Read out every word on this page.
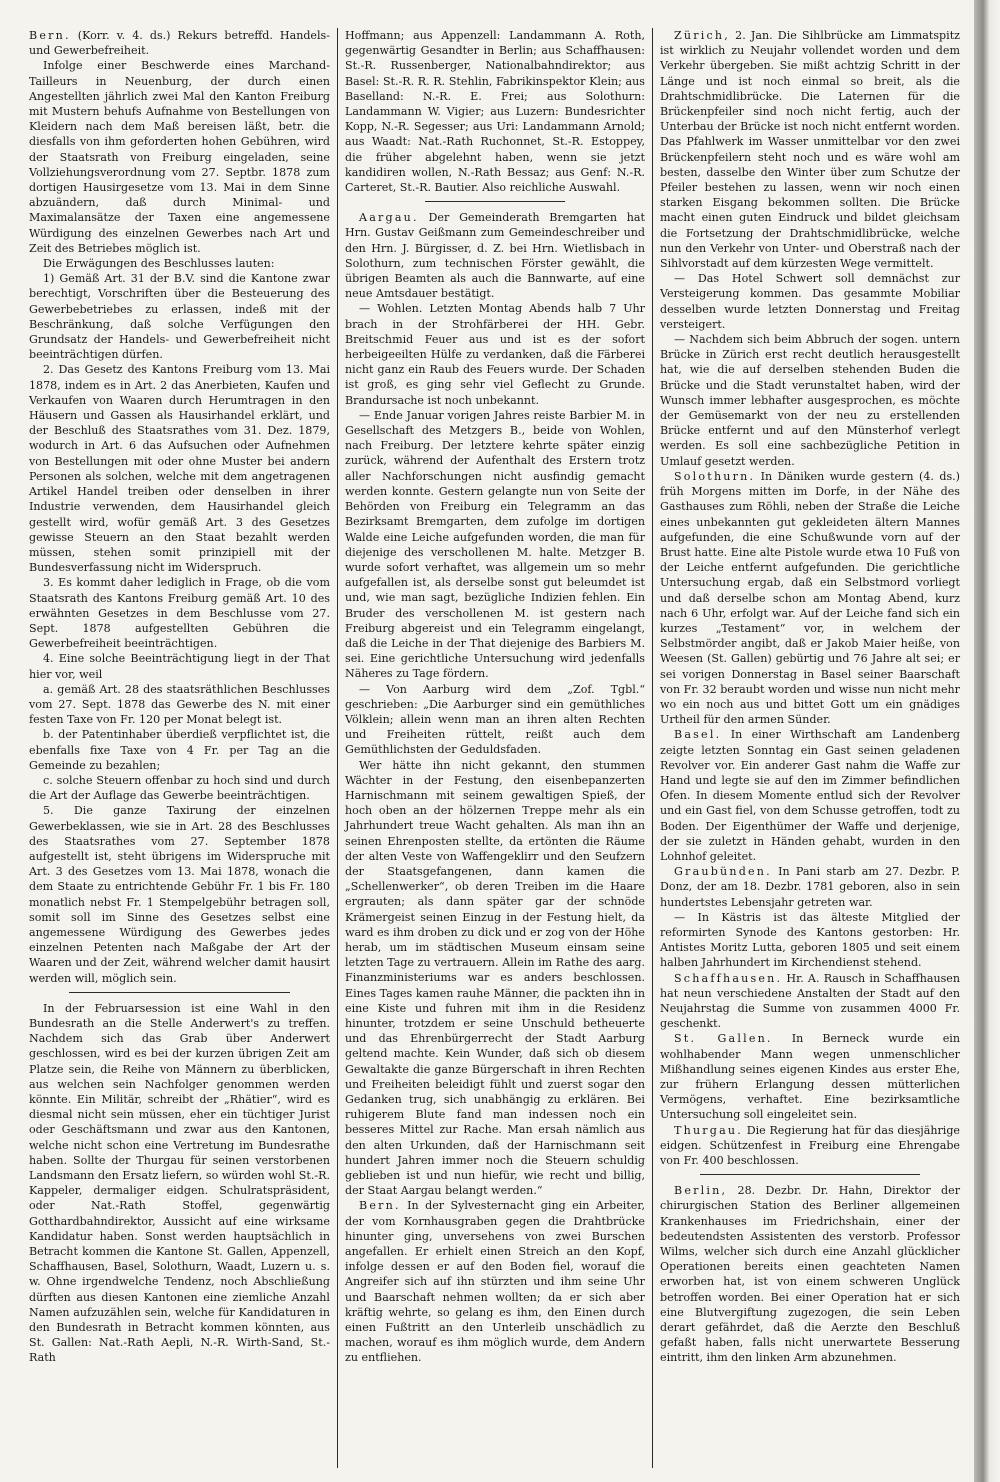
Bern. (Korr. v. 4. ds.) Rekurs betreffd. Handels- und Gewerbefreiheit.

Infolge einer Beschwerde eines Marchand-Tailleurs in Neuenburg, der durch einen Angestellten jährlich zwei Mal den Kanton Freiburg mit Mustern behufs Aufnahme von Bestellungen von Kleidern nach dem Maß bereisen läßt, betr. die diesfalls von ihm geforderten hohen Gebühren, wird der Staatsrath von Freiburg eingeladen, seine Vollziehungsverordnung vom 27. Septbr. 1878 zum dortigen Hausirgesetze vom 13. Mai in dem Sinne abzuändern, daß durch Minimal- und Maximalansätze der Taxen eine angemessene Würdigung des einzelnen Gewerbes nach Art und Zeit des Betriebes möglich ist.

Die Erwägungen des Beschlusses lauten:

1) Gemäß Art. 31 der B.V. sind die Kantone zwar berechtigt, Vorschriften über die Besteuerung des Gewerbebetriebes zu erlassen, indeß mit der Beschränkung, daß solche Verfügungen den Grundsatz der Handels- und Gewerbefreiheit nicht beeinträchtigen dürfen.

2. Das Gesetz des Kantons Freiburg vom 13. Mai 1878, indem es in Art. 2 das Anerbieten, Kaufen und Verkaufen von Waaren durch Herumtragen in den Häusern und Gassen als Hausirhandel erklärt, und der Beschluß des Staatsrathes vom 31. Dez. 1879, wodurch in Art. 6 das Aufsuchen oder Aufnehmen von Bestellungen mit oder ohne Muster bei andern Personen als solchen, welche mit dem angetragenen Artikel Handel treiben oder denselben in ihrer Industrie verwenden, dem Hausirhandel gleich gestellt wird, wofür gemäß Art. 3 des Gesetzes gewisse Steuern an den Staat bezahlt werden müssen, stehen somit prinzipiell mit der Bundesverfassung nicht im Widerspruch.

3. Es kommt daher lediglich in Frage, ob die vom Staatsrath des Kantons Freiburg gemäß Art. 10 des erwähnten Gesetzes in dem Beschlusse vom 27. Sept. 1878 aufgestellten Gebühren die Gewerbefreiheit beeinträchtigen.

4. Eine solche Beeinträchtigung liegt in der That hier vor, weil

a. gemäß Art. 28 des staatsräthlichen Beschlusses vom 27. Sept. 1878 das Gewerbe des N. mit einer festen Taxe von Fr. 120 per Monat belegt ist.

b. der Patentinhaber überdieß verpflichtet ist, die ebenfalls fixe Taxe von 4 Fr. per Tag an die Gemeinde zu bezahlen;

c. solche Steuern offenbar zu hoch sind und durch die Art der Auflage das Gewerbe beeinträchtigen.

5. Die ganze Taxirung der einzelnen Gewerbeklassen, wie sie in Art. 28 des Beschlusses des Staatsrathes vom 27. September 1878 aufgestellt ist, steht übrigens im Widerspruche mit Art. 3 des Gesetzes vom 13. Mai 1878, wonach die dem Staate zu entrichtende Gebühr Fr. 1 bis Fr. 180 monatlich nebst Fr. 1 Stempelgebühr betragen soll, somit soll im Sinne des Gesetzes selbst eine angemessene Würdigung des Gewerbes jedes einzelnen Petenten nach Maßgabe der Art der Waaren und der Zeit, während welcher damit hausirt werden will, möglich sein.

In der Februarsession ist eine Wahl in den Bundesrath an die Stelle Anderwert's zu treffen. Nachdem sich das Grab über Anderwert geschlossen, wird es bei der kurzen übrigen Zeit am Platze sein, die Reihe von Männern zu überblicken, aus welchen sein Nachfolger genommen werden könnte. Ein Militär, schreibt der „Rhätier“, wird es diesmal nicht sein müssen, eher ein tüchtiger Jurist oder Geschäftsmann und zwar aus den Kantonen, welche nicht schon eine Vertretung im Bundesrathe haben. Sollte der Thurgau für seinen verstorbenen Landsmann den Ersatz liefern, so würden wohl St.-R. Kappeler, dermaliger eidgen. Schulratspräsident, oder Nat.-Rath Stoffel, gegenwärtig Gotthardbahndirektor, Aussicht auf eine wirksame Kandidatur haben. Sonst werden hauptsächlich in Betracht kommen die Kantone St. Gallen, Appenzell, Schaffhausen, Basel, Solothurn, Waadt, Luzern u. s. w. Ohne irgendwelche Tendenz, noch Abschließung dürften aus diesen Kantonen eine ziemliche Anzahl Namen aufzuzählen sein, welche für Kandidaturen in den Bundesrath in Betracht kommen könnten, aus St. Gallen: Nat.-Rath Aepli, N.-R. Wirth-Sand, St.-Rath

Hoffmann; aus Appenzell: Landammann A. Roth, gegenwärtig Gesandter in Berlin; aus Schaffhausen: St.-R. Russenberger, Nationalbahndirektor; aus Basel: St.-R. R. R. Stehlin, Fabrikinspektor Klein; aus Baselland: N.-R. E. Frei; aus Solothurn: Landammann W. Vigier; aus Luzern: Bundesrichter Kopp, N.-R. Segesser; aus Uri: Landammann Arnold; aus Waadt: Nat.-Rath Ruchonnet, St.-R. Estoppey, die früher abgelehnt haben, wenn sie jetzt kandidiren wollen, N.-Rath Bessaz; aus Genf: N.-R. Carteret, St.-R. Bautier. Also reichliche Auswahl.

Aargau. Der Gemeinderath Bremgarten hat Hrn. Gustav Geißmann zum Gemeindeschreiber und den Hrn. J. Bürgisser, d. Z. bei Hrn. Wietlisbach in Solothurn, zum technischen Förster gewählt, die übrigen Beamten als auch die Bannwarte, auf eine neue Amtsdauer bestätigt.

— Wohlen. Letzten Montag Abends halb 7 Uhr brach in der Strohfärberei der HH. Gebr. Breitschmid Feuer aus und ist es der sofort herbeigeeilten Hülfe zu verdanken, daß die Färberei nicht ganz ein Raub des Feuers wurde. Der Schaden ist groß, es ging sehr viel Geflecht zu Grunde. Brandursache ist noch unbekannt.

— Ende Januar vorigen Jahres reiste Barbier M. in Gesellschaft des Metzgers B., beide von Wohlen, nach Freiburg. Der letztere kehrte später einzig zurück, während der Aufenthalt des Erstern trotz aller Nachforschungen nicht ausfindig gemacht werden konnte. Gestern gelangte nun von Seite der Behörden von Freiburg ein Telegramm an das Bezirksamt Bremgarten, dem zufolge im dortigen Walde eine Leiche aufgefunden worden, die man für diejenige des verschollenen M. halte. Metzger B. wurde sofort verhaftet, was allgemein um so mehr aufgefallen ist, als derselbe sonst gut beleumdet ist und, wie man sagt, bezügliche Indizien fehlen. Ein Bruder des verschollenen M. ist gestern nach Freiburg abgereist und ein Telegramm eingelangt, daß die Leiche in der That diejenige des Barbiers M. sei. Eine gerichtliche Untersuchung wird jedenfalls Näheres zu Tage fördern.

— Von Aarburg wird dem „Zof. Tgbl.“ geschrieben: „Die Aarburger sind ein gemüthliches Völklein; allein wenn man an ihren alten Rechten und Freiheiten rüttelt, reißt auch dem Gemüthlichsten der Geduldsfaden.

Wer hätte ihn nicht gekannt, den stummen Wächter in der Festung, den eisenbepanzerten Harnischmann mit seinem gewaltigen Spieß, der hoch oben an der hölzernen Treppe mehr als ein Jahrhundert treue Wacht gehalten. Als man ihn an seinen Ehrenposten stellte, da ertönten die Räume der alten Veste von Waffengeklirr und den Seufzern der Staatsgefangenen, dann kamen die „Schellenwerker“, ob deren Treiben im die Haare ergrauten; als dann später gar der schnöde Krämergeist seinen Einzug in der Festung hielt, da ward es ihm droben zu dick und er zog von der Höhe herab, um im städtischen Museum einsam seine letzten Tage zu vertrauern. Allein im Rathe des aarg. Finanzministeriums war es anders beschlossen. Eines Tages kamen rauhe Männer, die packten ihn in eine Kiste und fuhren mit ihm in die Residenz hinunter, trotzdem er seine Unschuld betheuerte und das Ehrenbürgerrecht der Stadt Aarburg geltend machte. Kein Wunder, daß sich ob diesem Gewaltakte die ganze Bürgerschaft in ihren Rechten und Freiheiten beleidigt fühlt und zuerst sogar den Gedanken trug, sich unabhängig zu erklären. Bei ruhigerem Blute fand man indessen noch ein besseres Mittel zur Rache. Man ersah nämlich aus den alten Urkunden, daß der Harnischmann seit hundert Jahren immer noch die Steuern schuldig geblieben ist und nun hiefür, wie recht und billig, der Staat Aargau belangt werden.“

Bern. In der Sylvesternacht ging ein Arbeiter, der vom Kornhausgraben gegen die Drahtbrücke hinunter ging, unversehens von zwei Burschen angefallen. Er erhielt einen Streich an den Kopf, infolge dessen er auf den Boden fiel, worauf die Angreifer sich auf ihn stürzten und ihm seine Uhr und Baarschaft nehmen wollten; da er sich aber kräftig wehrte, so gelang es ihm, den Einen durch einen Fußtritt an den Unterleib unschädlich zu machen, worauf es ihm möglich wurde, dem Andern zu entfliehen.

Zürich, 2. Jan. Die Sihlbrücke am Limmatspitz ist wirklich zu Neujahr vollendet worden und dem Verkehr übergeben. Sie mißt achtzig Schritt in der Länge und ist noch einmal so breit, als die Drahtschmidlibrücke. Die Laternen für die Brückenpfeiler sind noch nicht fertig, auch der Unterbau der Brücke ist noch nicht entfernt worden. Das Pfahlwerk im Wasser unmittelbar vor den zwei Brückenpfeilern steht noch und es wäre wohl am besten, dasselbe den Winter über zum Schutze der Pfeiler bestehen zu lassen, wenn wir noch einen starken Eisgang bekommen sollten. Die Brücke macht einen guten Eindruck und bildet gleichsam die Fortsetzung der Drahtschmidlibrücke, welche nun den Verkehr von Unter- und Oberstraß nach der Sihlvorstadt auf dem kürzesten Wege vermittelt.

— Das Hotel Schwert soll demnächst zur Versteigerung kommen. Das gesammte Mobiliar desselben wurde letzten Donnerstag und Freitag versteigert.

— Nachdem sich beim Abbruch der sogen. untern Brücke in Zürich erst recht deutlich herausgestellt hat, wie die auf derselben stehenden Buden die Brücke und die Stadt verunstaltet haben, wird der Wunsch immer lebhafter ausgesprochen, es möchte der Gemüsemarkt von der neu zu erstellenden Brücke entfernt und auf den Münsterhof verlegt werden. Es soll eine sachbezügliche Petition in Umlauf gesetzt werden.

Solothurn. In Däniken wurde gestern (4. ds.) früh Morgens mitten im Dorfe, in der Nähe des Gasthauses zum Röhli, neben der Straße die Leiche eines unbekannten gut gekleideten ältern Mannes aufgefunden, die eine Schußwunde vorn auf der Brust hatte. Eine alte Pistole wurde etwa 10 Fuß von der Leiche entfernt aufgefunden. Die gerichtliche Untersuchung ergab, daß ein Selbstmord vorliegt und daß derselbe schon am Montag Abend, kurz nach 6 Uhr, erfolgt war. Auf der Leiche fand sich ein kurzes „Testament“ vor, in welchem der Selbstmörder angibt, daß er Jakob Maier heiße, von Weesen (St. Gallen) gebürtig und 76 Jahre alt sei; er sei vorigen Donnerstag in Basel seiner Baarschaft von Fr. 32 beraubt worden und wisse nun nicht mehr wo ein noch aus und bittet Gott um ein gnädiges Urtheil für den armen Sünder.

Basel. In einer Wirthschaft am Landenberg zeigte letzten Sonntag ein Gast seinen geladenen Revolver vor. Ein anderer Gast nahm die Waffe zur Hand und legte sie auf den im Zimmer befindlichen Ofen. In diesem Momente entlud sich der Revolver und ein Gast fiel, von dem Schusse getroffen, todt zu Boden. Der Eigenthümer der Waffe und derjenige, der sie zuletzt in Händen gehabt, wurden in den Lohnhof geleitet.

Graubünden. In Pani starb am 27. Dezbr. P. Donz, der am 18. Dezbr. 1781 geboren, also in sein hundertstes Lebensjahr getreten war.

— In Kästris ist das älteste Mitglied der reformirten Synode des Kantons gestorben: Hr. Antistes Moritz Lutta, geboren 1805 und seit einem halben Jahrhundert im Kirchendienst stehend.

Schaffhausen. Hr. A. Rausch in Schaffhausen hat neun verschiedene Anstalten der Stadt auf den Neujahrstag die Summe von zusammen 4000 Fr. geschenkt.

St. Gallen. In Berneck wurde ein wohlhabender Mann wegen unmenschlicher Mißhandlung seines eigenen Kindes aus erster Ehe, zur frühern Erlangung dessen mütterlichen Vermögens, verhaftet. Eine bezirksamtliche Untersuchung soll eingeleitet sein.

Thurgau. Die Regierung hat für das diesjährige eidgen. Schützenfest in Freiburg eine Ehrengabe von Fr. 400 beschlossen.

Berlin, 28. Dezbr. Dr. Hahn, Direktor der chirurgischen Station des Berliner allgemeinen Krankenhauses im Friedrichshain, einer der bedeutendsten Assistenten des verstorb. Professor Wilms, welcher sich durch eine Anzahl glücklicher Operationen bereits einen geachteten Namen erworben hat, ist von einem schweren Unglück betroffen worden. Bei einer Operation hat er sich eine Blutvergiftung zugezogen, die sein Leben derart gefährdet, daß die Aerzte den Beschluß gefaßt haben, falls nicht unerwartete Besserung eintritt, ihm den linken Arm abzunehmen.
